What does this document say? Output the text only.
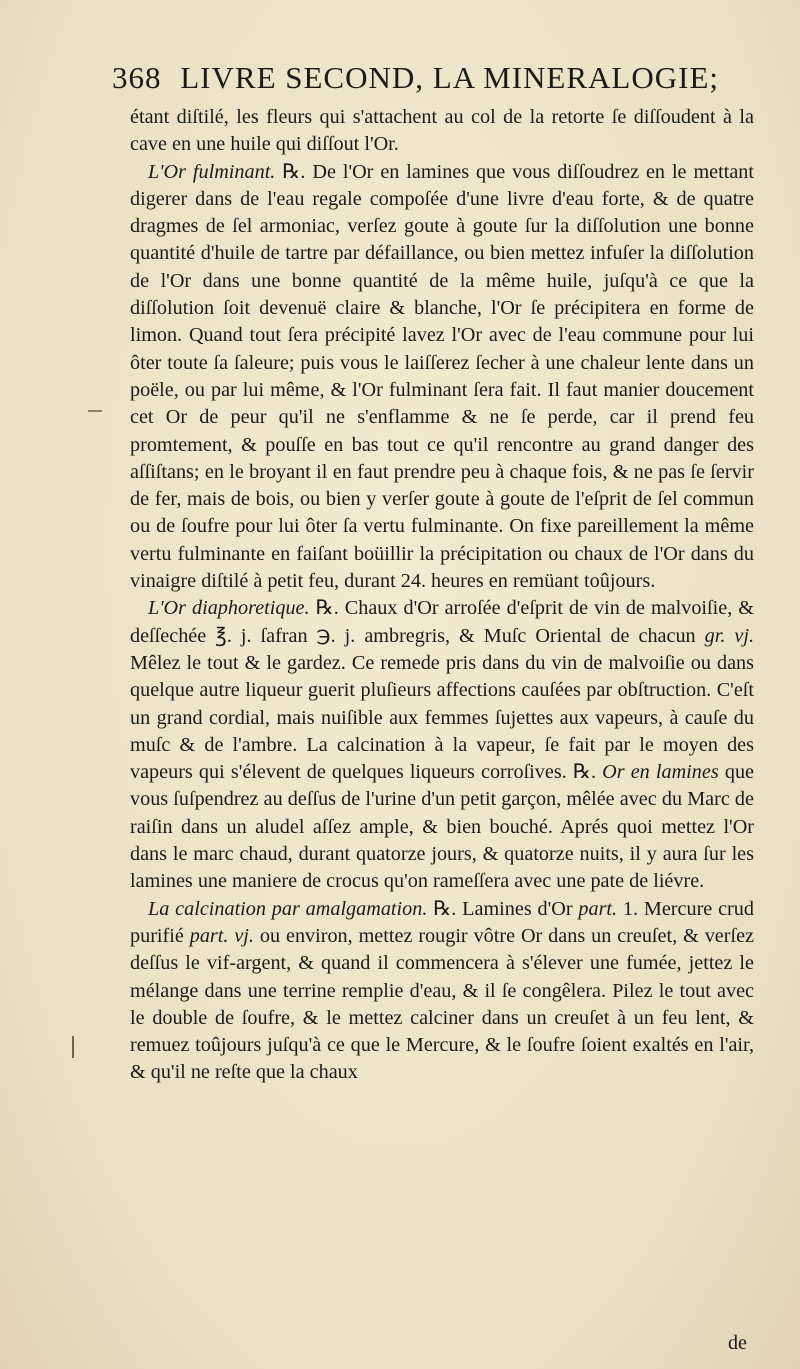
368 LIVRE SECOND, LA MINERALOGIE;

étant diſtilé, les fleurs qui s'attachent au col de la retorte ſe diſſoudent à la cave en une huile qui diſſout l'Or.

L'Or fulminant. ℞. De l'Or en lamines que vous diſſoudrez en le mettant digerer dans de l'eau regale compoſée d'une livre d'eau forte, & de quatre dragmes de ſel armoniac, verſez goute à goute ſur la diſſolution une bonne quantité d'huile de tartre par défaillance, ou bien mettez infuſer la diſſolution de l'Or dans une bonne quantité de la même huile, juſqu'à ce que la diſſolution ſoit devenuë claire & blanche, l'Or ſe précipitera en forme de limon. Quand tout ſera précipité lavez l'Or avec de l'eau commune pour lui ôter toute ſa ſaleure; puis vous le laiſſerez ſecher à une chaleur lente dans un poële, ou par lui même, & l'Or fulminant ſera fait. Il faut manier doucement cet Or de peur qu'il ne s'enflamme & ne ſe perde, car il prend feu promtement, & pouſſe en bas tout ce qu'il rencontre au grand danger des aſſiſtans; en le broyant il en faut prendre peu à chaque fois, & ne pas ſe ſervir de fer, mais de bois, ou bien y verſer goute à goute de l'eſprit de ſel commun ou de ſoufre pour lui ôter ſa vertu fulminante. On fixe pareillement la même vertu fulminante en faiſant boüillir la précipitation ou chaux de l'Or dans du vinaigre diſtilé à petit feu, durant 24. heures en remüant toûjours.

L'Or diaphoretique. ℞. Chaux d'Or arroſée d'eſprit de vin de malvoiſie, & deſſechée ℥. j. ſafran ℈. j. ambregris, & Muſc Oriental de chacun gr. vj. Mêlez le tout & le gardez. Ce remede pris dans du vin de malvoiſie ou dans quelque autre liqueur guerit pluſieurs affections cauſées par obſtruction. C'eſt un grand cordial, mais nuiſible aux femmes ſujettes aux vapeurs, à cauſe du muſc & de l'ambre. La calcination à la vapeur, ſe fait par le moyen des vapeurs qui s'élevent de quelques liqueurs corroſives. ℞. Or en lamines que vous ſuſpendrez au deſſus de l'urine d'un petit garçon, mêlée avec du Marc de raiſin dans un aludel aſſez ample, & bien bouché. Aprés quoi mettez l'Or dans le marc chaud, durant quatorze jours, & quatorze nuits, il y aura ſur les lamines une maniere de crocus qu'on rameſſera avec une pate de liévre.

La calcination par amalgamation. ℞. Lamines d'Or part. 1. Mercure crud purifié part. vj. ou environ, mettez rougir vôtre Or dans un creuſet, & verſez deſſus le vif-argent, & quand il commencera à s'élever une fumée, jettez le mélange dans une terrine remplie d'eau, & il ſe congêlera. Pilez le tout avec le double de ſoufre, & le mettez calciner dans un creuſet à un feu lent, & remuez toûjours juſqu'à ce que le Mercure, & le ſoufre ſoient exaltés en l'air, & qu'il ne reſte que la chaux

de
